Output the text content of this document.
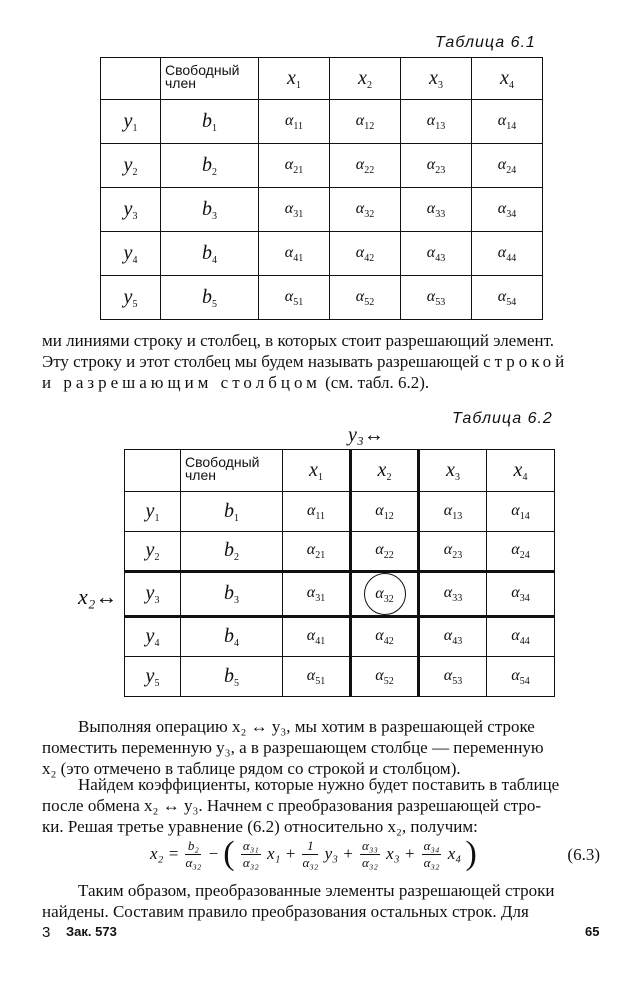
Таблица 6.1
	Свободный член	$x_1$	$x_2$	$x_3$	$x_4$
$y_1$	$b_1$	$\alpha_{11}$	$\alpha_{12}$	$\alpha_{13}$	$\alpha_{14}$
$y_2$	$b_2$	$\alpha_{21}$	$\alpha_{22}$	$\alpha_{23}$	$\alpha_{24}$
$y_3$	$b_3$	$\alpha_{31}$	$\alpha_{32}$	$\alpha_{33}$	$\alpha_{34}$
$y_4$	$b_4$	$\alpha_{41}$	$\alpha_{42}$	$\alpha_{43}$	$\alpha_{44}$
$y_5$	$b_5$	$\alpha_{51}$	$\alpha_{52}$	$\alpha_{53}$	$\alpha_{54}$
ми линиями строку и столбец, в которых стоит разрешающий элемент.
Эту строку и этот столбец мы будем называть разрешающей строкой
и разрешающим столбцом (см. табл. 6.2).
Таблица 6.2
y₃↔
x₂↔
	Свободный член	$x_1$	$x_2$	$x_3$	$x_4$
$y_1$	$b_1$	$\alpha_{11}$	$\alpha_{12}$	$\alpha_{13}$	$\alpha_{14}$
$y_2$	$b_2$	$\alpha_{21}$	$\alpha_{22}$	$\alpha_{23}$	$\alpha_{24}$
$y_3$	$b_3$	$\alpha_{31}$	$\alpha_{32}$	$\alpha_{33}$	$\alpha_{34}$
$y_4$	$b_4$	$\alpha_{41}$	$\alpha_{42}$	$\alpha_{43}$	$\alpha_{44}$
$y_5$	$b_5$	$\alpha_{51}$	$\alpha_{52}$	$\alpha_{53}$	$\alpha_{54}$
Выполняя операцию x₂ ↔ y₃, мы хотим в разрешающей строке
поместить переменную y₃, а в разрешающем столбце — переменную
x₂ (это отмечено в таблице рядом со строкой и столбцом).
Найдем коэффициенты, которые нужно будет поставить в таблице
после обмена x₂ ↔ y₃. Начнем с преобразования разрешающей стро-
ки. Решая третье уравнение (6.2) относительно x₂, получим:
$x_2 = \frac{\text{b₂}}{\text{α₃₂}}$ − ( $\frac{\text{α₃₁}}{\text{α₃₂}} x_1 + \frac{1}{\text{α₃₂}} y_3 + \frac{\text{α₃₃}}{\text{α₃₂}} x_3 + \frac{\text{α₃₄}}{\text{α₃₂}} x_4$ )	(6.3)
Таким образом, преобразованные элементы разрешающей строки
найдены. Составим правило преобразования остальных строк. Для
3 Зак. 573	65
